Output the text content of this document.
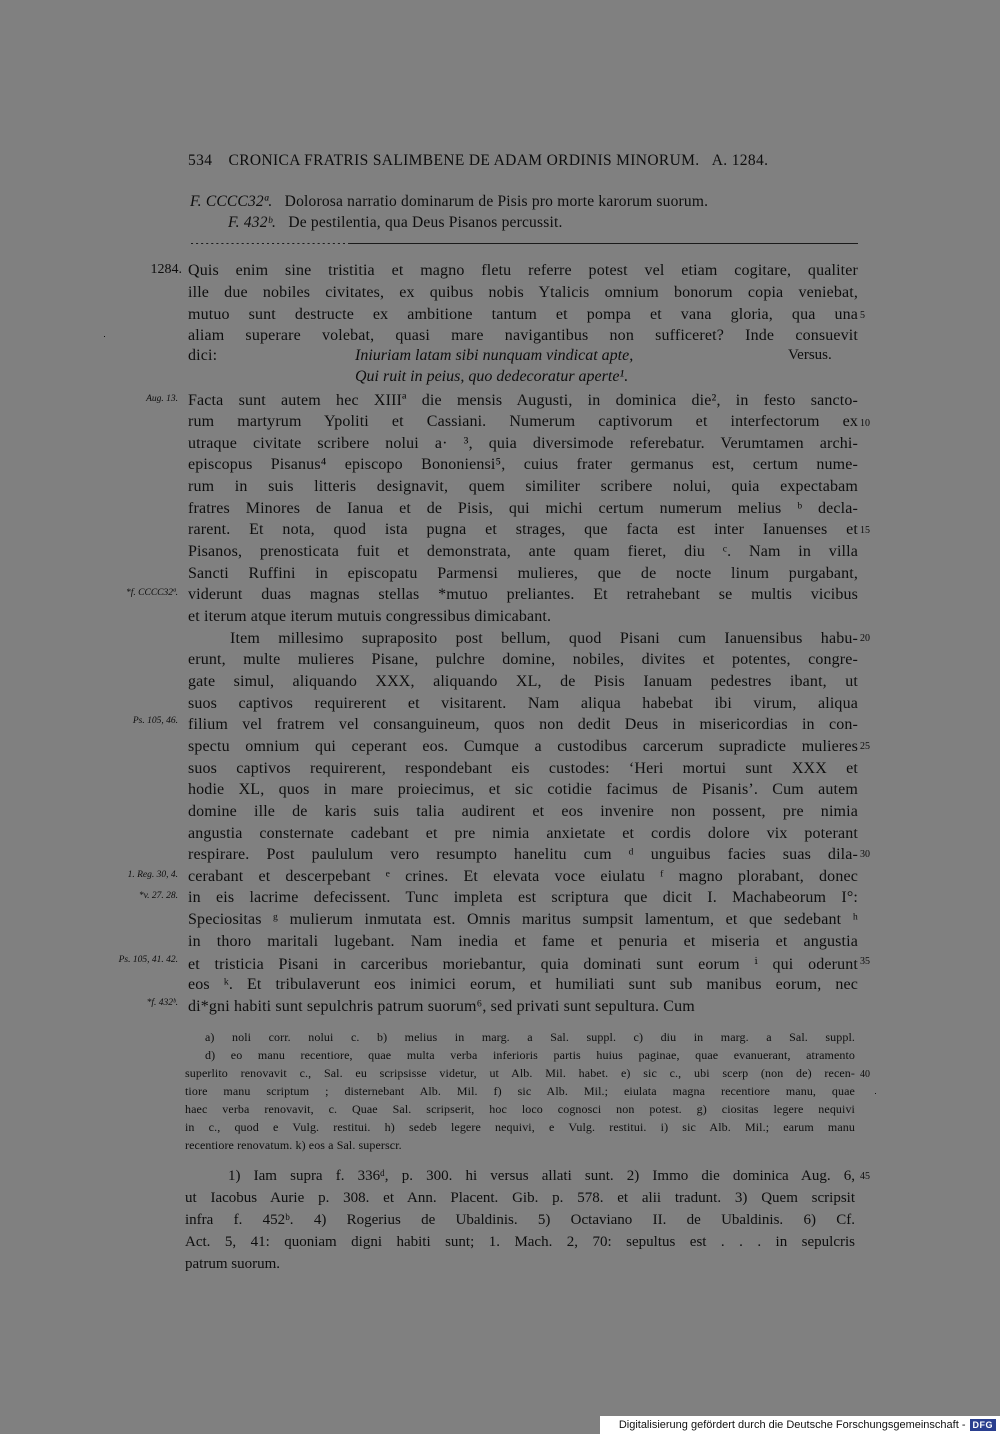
534 CRONICA FRATRIS SALIMBENE DE ADAM ORDINIS MINORUM. A. 1284.
F. CCCC32ª. Dolorosa narratio dominarum de Pisis pro morte karorum suorum.
F. 432ᵇ. De pestilentia, qua Deus Pisanos percussit.
Quis enim sine tristitia et magno fletu referre potest vel etiam cogitare, qualiter
ille due nobiles civitates, ex quibus nobis Ytalicis omnium bonorum copia veniebat,
mutuo sunt destructe ex ambitione tantum et pompa et vana gloria, qua una
aliam superare volebat, quasi mare navigantibus non sufficeret? Inde consuevit
dici:
Facta sunt autem hec XIIIª die mensis Augusti, in dominica die², in festo sancto-
rum martyrum Ypoliti et Cassiani. Numerum captivorum et interfectorum ex
utraque civitate scribere nolui a· ³, quia diversimode referebatur. Verumtamen archi-
episcopus Pisanus⁴ episcopo Bononiensi⁵, cuius frater germanus est, certum nume-
rum in suis litteris designavit, quem similiter scribere nolui, quia expectabam
fratres Minores de Ianua et de Pisis, qui michi certum numerum melius ᵇ decla-
rarent. Et nota, quod ista pugna et strages, que facta est inter Ianuenses et
Pisanos, prenosticata fuit et demonstrata, ante quam fieret, diu ᶜ. Nam in villa
Sancti Ruffini in episcopatu Parmensi mulieres, que de nocte linum purgabant,
viderunt duas magnas stellas *mutuo preliantes. Et retrahebant se multis vicibus
et iterum atque iterum mutuis congressibus dimicabant.
Item millesimo supraposito post bellum, quod Pisani cum Ianuensibus habu-
erunt, multe mulieres Pisane, pulchre domine, nobiles, divites et potentes, congre-
gate simul, aliquando XXX, aliquando XL, de Pisis Ianuam pedestres ibant, ut
suos captivos requirerent et visitarent. Nam aliqua habebat ibi virum, aliqua
filium vel fratrem vel consanguineum, quos non dedit Deus in misericordias in con-
spectu omnium qui ceperant eos. Cumque a custodibus carcerum supradicte mulieres
suos captivos requirerent, respondebant eis custodes: ‘Heri mortui sunt XXX et
hodie XL, quos in mare proiecimus, et sic cotidie facimus de Pisanis’. Cum autem
domine ille de karis suis talia audirent et eos invenire non possent, pre nimia
angustia consternate cadebant et pre nimia anxietate et cordis dolore vix poterant
respirare. Post paululum vero resumpto hanelitu cum ᵈ unguibus facies suas dila-
cerabant et descerpebant ᵉ crines. Et elevata voce eiulatu ᶠ magno plorabant, donec
in eis lacrime defecissent. Tunc impleta est scriptura que dicit I. Machabeorum I°:
Speciositas ᵍ mulierum inmutata est. Omnis maritus sumpsit lamentum, et que sedebant ʰ
in thoro maritali lugebant. Nam inedia et fame et penuria et miseria et angustia
et tristicia Pisani in carceribus moriebantur, quia dominati sunt eorum ⁱ qui oderunt
eos ᵏ. Et tribulaverunt eos inimici eorum, et humiliati sunt sub manibus eorum, nec
di*gni habiti sunt sepulchris patrum suorum⁶, sed privati sunt sepultura. Cum
Iniuriam latam sibi nunquam vindicat apte,	Versus.
Qui ruit in peius, quo dedecoratur aperte¹.
1284.
Aug. 13.
*f. CCCC32ª.
Ps. 105, 46.
1. Reg. 30, 4.
*v. 27. 28.
Ps. 105, 41. 42.
*f. 432ᵇ.
5
10
15
20
25
30
35
40
45
a) noli corr. nolui c. b) melius in marg. a Sal. suppl. c) diu in marg. a Sal. suppl.
d) eo manu recentiore, quae multa verba inferioris partis huius paginae, quae evanuerant, atramento
superlito renovavit c., Sal. eu scripsisse videtur, ut Alb. Mil. habet. e) sic c., ubi scerp (non de) recen-
tiore manu scriptum ; disternebant Alb. Mil. f) sic Alb. Mil.; eiulata magna recentiore manu, quae
haec verba renovavit, c. Quae Sal. scripserit, hoc loco cognosci non potest. g) ciositas legere nequivi
in c., quod e Vulg. restitui. h) sedeb legere nequivi, e Vulg. restitui. i) sic Alb. Mil.; earum manu
recentiore renovatum. k) eos a Sal. superscr.
1) Iam supra f. 336ᵈ, p. 300. hi versus allati sunt. 2) Immo die dominica Aug. 6,
ut Iacobus Aurie p. 308. et Ann. Placent. Gib. p. 578. et alii tradunt. 3) Quem scripsit
infra f. 452ᵇ. 4) Rogerius de Ubaldinis. 5) Octaviano II. de Ubaldinis. 6) Cf.
Act. 5, 41: quoniam digni habiti sunt; 1. Mach. 2, 70: sepultus est . . . in sepulcris
patrum suorum.
Digitalisierung gefördert durch die Deutsche Forschungsgemeinschaft - DFG
